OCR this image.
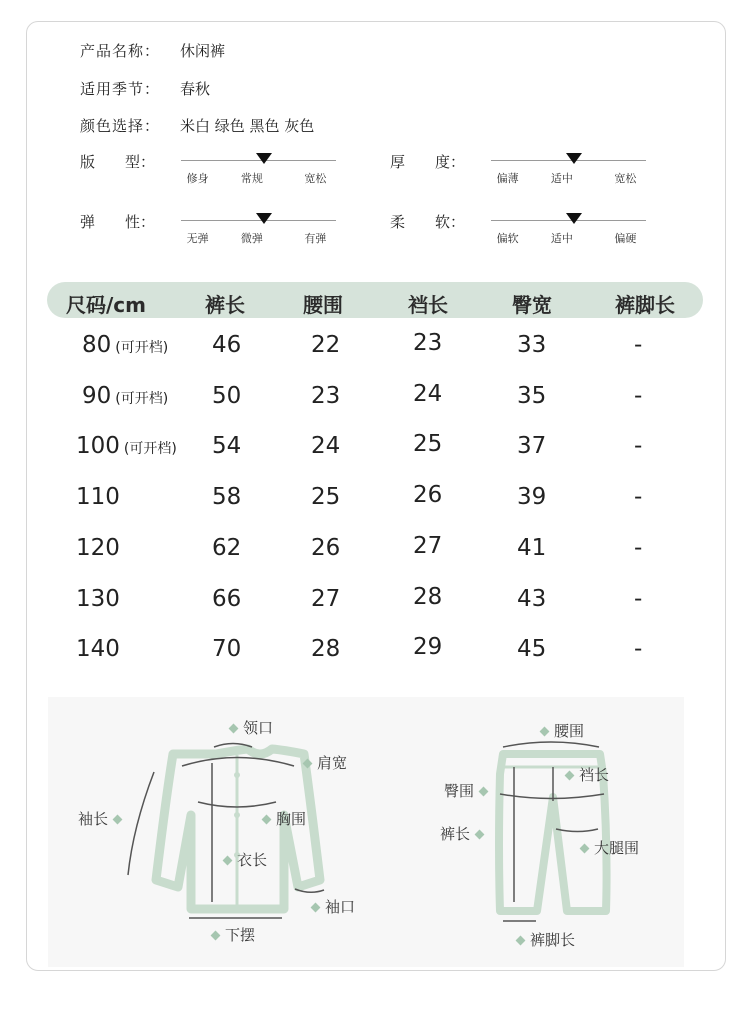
产品名称： 休闲裤
适用季节： 春秋
颜色选择： 米白 绿色 黑色 灰色
版　　型：
修身	常规	宽松
厚　　度：
偏薄	适中	宽松
弹　　性：
无弹	微弹	有弹
柔　　软：
偏软	适中	偏硬
尺码/cm	裤长	腰围	裆长	臀宽	裤脚长
80 (可开档) 46	22	23	33	-
90 (可开档) 50	23	24	35	-
100 (可开档) 54	24	25	37	-
110	58	25	26	39	-
120	62	26	27	41	-
130	66	27	28	43	-
140	70	28	29	45	-
领口
肩宽
袖长	胸围
衣长
袖口
下摆
腰围
裆长
臀围
裤长
大腿围
裤脚长
